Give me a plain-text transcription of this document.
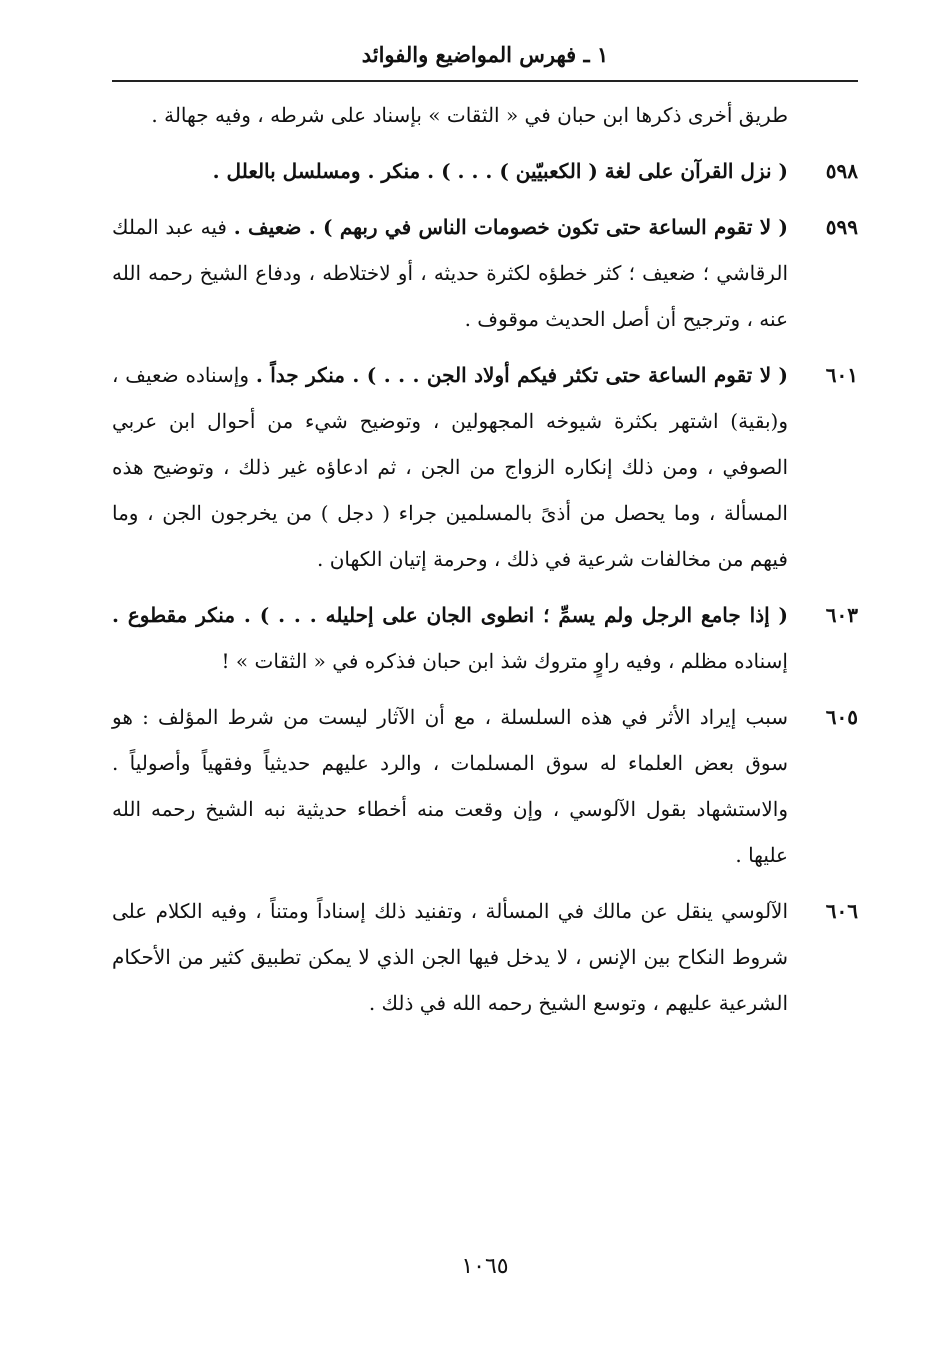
١ ـ فهرس المواضيع والفوائد
طريق أخرى ذكرها ابن حبان في « الثقات » بإسناد على شرطه ، وفيه جهالة .
٥٩٨
( نزل القرآن على لغة ( الكعبيّين ) . . . ) . منكر . ومسلسل بالعلل .
٥٩٩
( لا تقوم الساعة حتى تكون خصومات الناس في ربهم ) . ضعيف . فيه عبد الملك الرقاشي ؛ ضعيف ؛ كثر خطؤه لكثرة حديثه ، أو لاختلاطه ، ودفاع الشيخ رحمه الله عنه ، وترجيح أن أصل الحديث موقوف .
٦٠١
( لا تقوم الساعة حتى تكثر فيكم أولاد الجن . . . ) . منكر جداً . وإسناده ضعيف ، و(بقية) اشتهر بكثرة شيوخه المجهولين ، وتوضيح شيء من أحوال ابن عربي الصوفي ، ومن ذلك إنكاره الزواج من الجن ، ثم ادعاؤه غير ذلك ، وتوضيح هذه المسألة ، وما يحصل من أذىً بالمسلمين جراء ( دجل ) من يخرجون الجن ، وما فيهم من مخالفات شرعية في ذلك ، وحرمة إتيان الكهان .
٦٠٣
( إذا جامع الرجل ولم يسمِّ ؛ انطوى الجان على إحليله . . . ) . منكر مقطوع . إسناده مظلم ، وفيه راوٍ متروك شذ ابن حبان فذكره في « الثقات » !
٦٠٥
سبب إيراد الأثر في هذه السلسلة ، مع أن الآثار ليست من شرط المؤلف : هو سوق بعض العلماء له سوق المسلمات ، والرد عليهم حديثياً وفقهياً وأصولياً . والاستشهاد بقول الآلوسي ، وإن وقعت منه أخطاء حديثية نبه الشيخ رحمه الله عليها .
٦٠٦
الآلوسي ينقل عن مالك في المسألة ، وتفنيد ذلك إسناداً ومتناً ، وفيه الكلام على شروط النكاح بين الإنس ، لا يدخل فيها الجن الذي لا يمكن تطبيق كثير من الأحكام الشرعية عليهم ، وتوسع الشيخ رحمه الله في ذلك .
١٠٦٥
